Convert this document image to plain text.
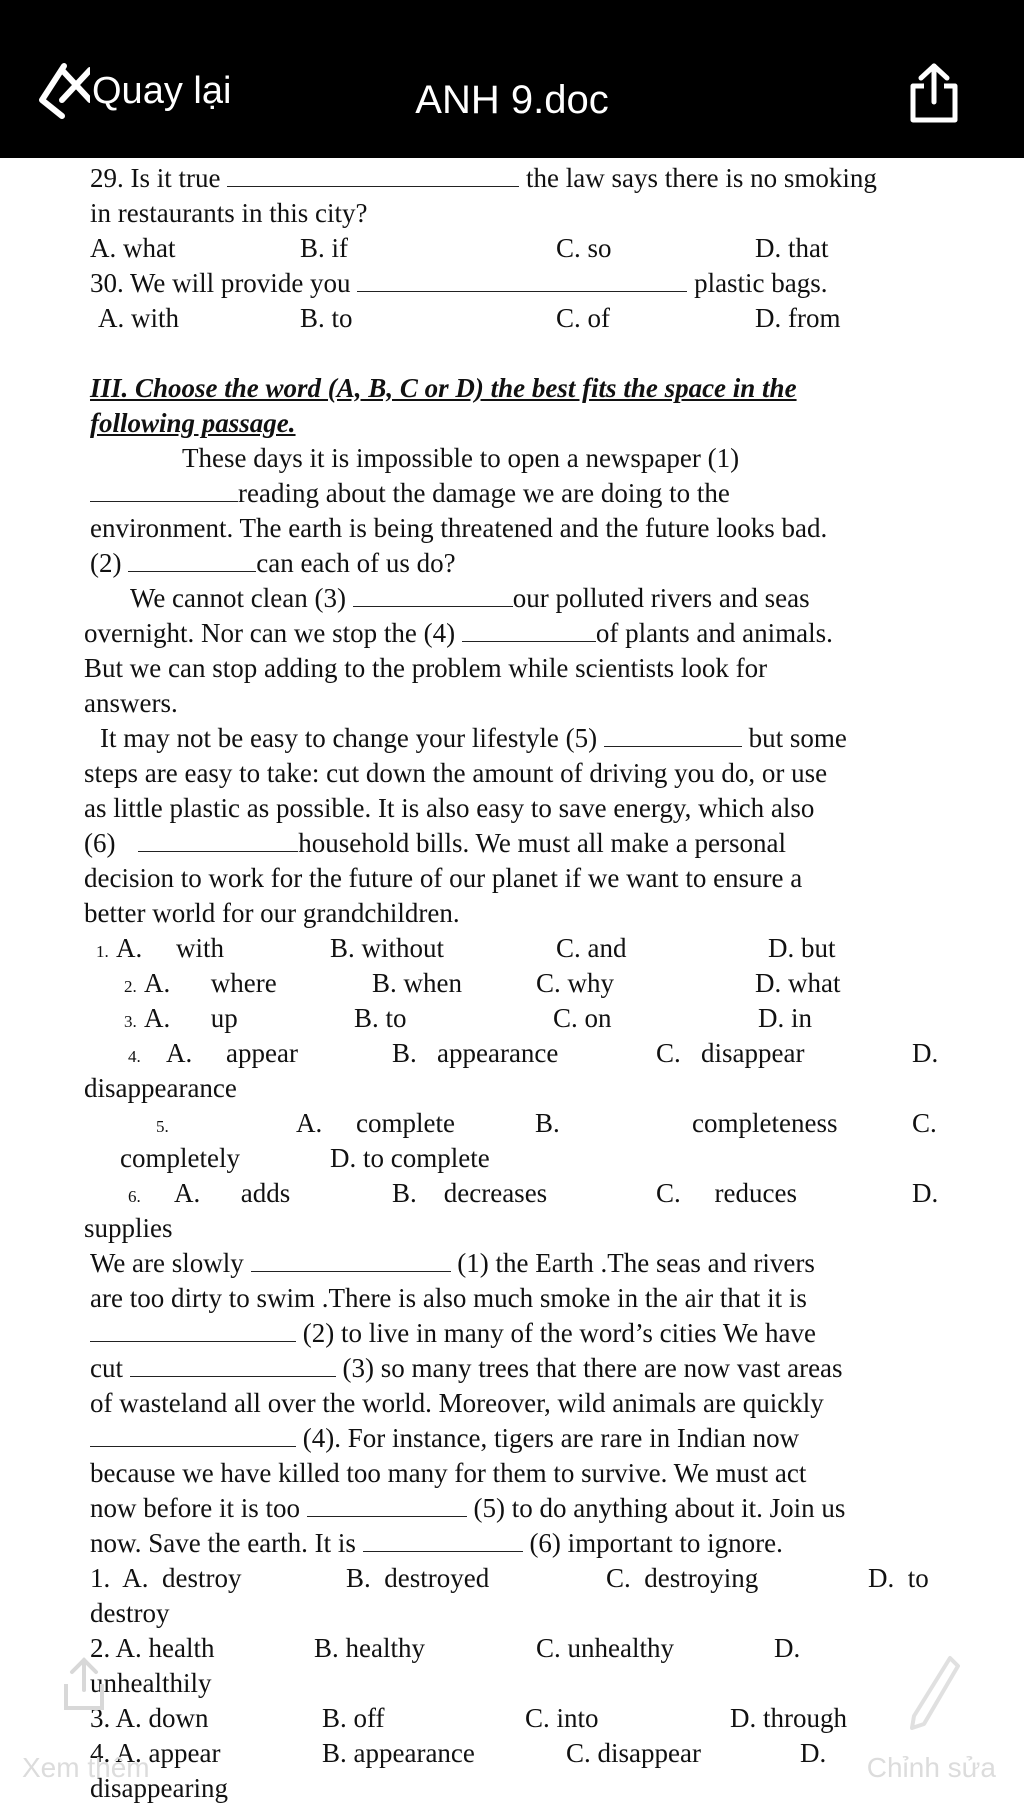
Quay lại	ANH 9.doc
29. Is it true	the law says there is no smoking
in restaurants in this city?
A. what	B. if	C. so	D. that
30. We will provide you	plastic bags.
A. with	B. to	C. of	D. from
III. Choose the word (A, B, C or D) the best fits the space in the
following passage.
These days it is impossible to open a newspaper (1)
reading about the damage we are doing to the
environment. The earth is being threatened and the future looks bad.
(2)	can each of us do?
We cannot clean (3)	our polluted rivers and seas
overnight. Nor can we stop the (4)	of plants and animals.
But we can stop adding to the problem while scientists look for
answers.
It may not be easy to change your lifestyle (5)	but some
steps are easy to take: cut down the amount of driving you do, or use
as little plastic as possible. It is also easy to save energy, which also
(6)	household bills. We must all make a personal
decision to work for the future of our planet if we want to ensure a
better world for our grandchildren.
1. A.     with	B. without	C. and	D. but
2. A.      where	B. when	C. why	D. what
3. A.      up	B. to	C. on	D. in
4. A.     appear	B.   appearance	C.   disappear	D.
disappearance
5.	A.     complete	B.	completeness	C.
completely	D. to complete
6. A.      adds	B.    decreases	C.     reduces	D.
supplies
We are slowly	(1) the Earth .The seas and rivers
are too dirty to swim .There is also much smoke in the air that it is
(2) to live in many of the word’s cities We have
cut	(3) so many trees that there are now vast areas
of wasteland all over the world. Moreover, wild animals are quickly
(4). For instance, tigers are rare in Indian now
because we have killed too many for them to survive. We must act
now before it is too	(5) to do anything about it. Join us
now. Save the earth. It is	(6) important to ignore.
1.  A.  destroy	B.  destroyed	C.  destroying	D.  to
destroy
2. A. health	B. healthy	C. unhealthy	D.
unhealthily
3. A. down	B. off	C. into	D. through
4. A. appear	B. appearance	C. disappear	D.
disappearing
Xem thêm	Chỉnh sửa
